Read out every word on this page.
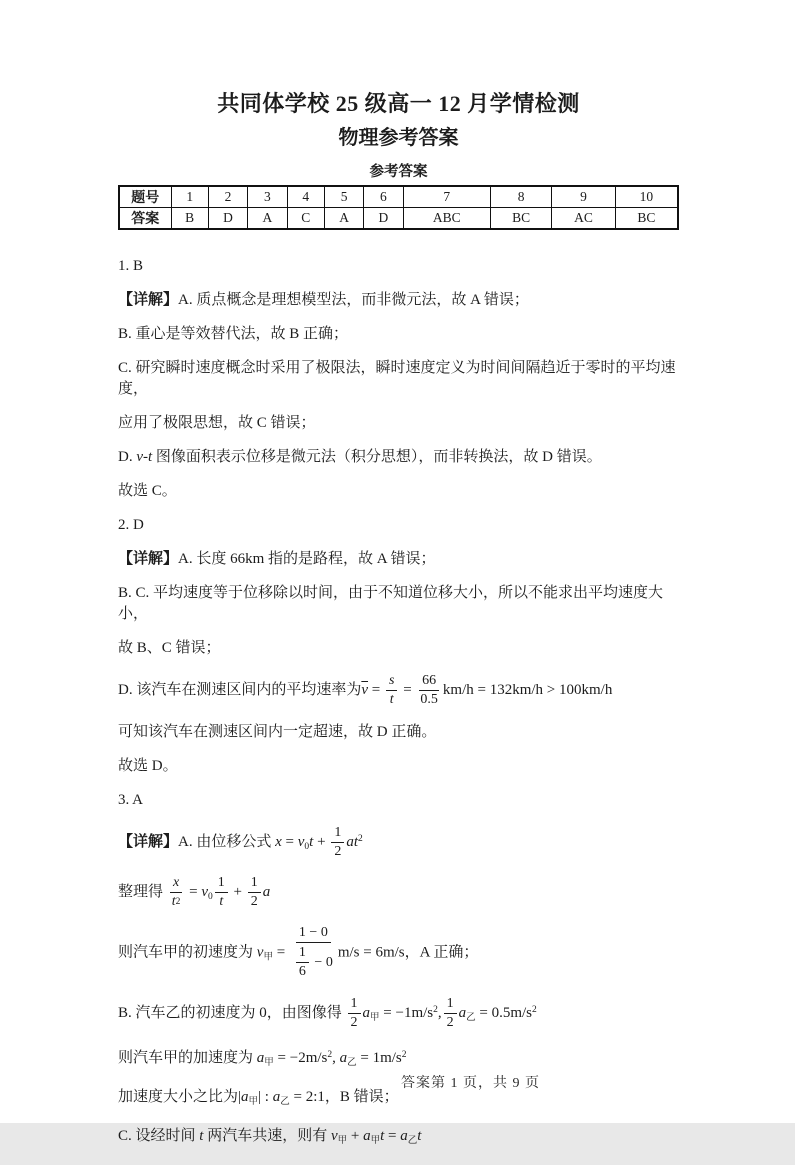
共同体学校 25 级高一 12 月学情检测
物理参考答案
参考答案
题号	1	2	3	4	5	6	7	8	9	10
答案	B	D	A	C	A	D	ABC	BC	AC	BC
1. B
【详解】A. 质点概念是理想模型法，而非微元法，故 A 错误；
B. 重心是等效替代法，故 B 正确；
C. 研究瞬时速度概念时采用了极限法，瞬时速度定义为时间间隔趋近于零时的平均速度，
应用了极限思想，故 C 错误；
D. v-t 图像面积表示位移是微元法（积分思想），而非转换法，故 D 错误。
故选 C。
2. D
【详解】A. 长度 66km 指的是路程，故 A 错误；
B. C. 平均速度等于位移除以时间，由于不知道位移大小，所以不能求出平均速度大小，
故 B、C 错误；
D. 该汽车在测速区间内的平均速率为$\overline{v} = \frac{s}{t} = \frac{66}{0.5} km/h = 132km/h > 100km/h$
可知该汽车在测速区间内一定超速，故 D 正确。
故选 D。
3. A
【详解】A. 由位移公式 $x = v_0t + \frac{1}{2} at^2$
整理得 $\frac{x}{t 2} = v_0 \frac{1}{t} + \frac{1}{2}$ a
则汽车甲的初速度为 $v_甲 = \frac{1 - 0}{\frac{1}{6} - 0} m/s = 6m/s$，A 正确；
B. 汽车乙的初速度为 0，由图像得 $\frac{1}{2} a_甲 = -1m/s^2$, $\frac{1}{2} a_乙 = 0.5m/s^2$
则汽车甲的加速度为 $a_甲 = -2m/s^2$, $a_乙 = 1m/s^2$
加速度大小之比为$|a_甲|$ : $a_乙$ = 2:1，B 错误；
C. 设经时间 t 两汽车共速，则有 $v_甲 + a_甲t = a_乙t$
答案第 1 页，共 9 页
